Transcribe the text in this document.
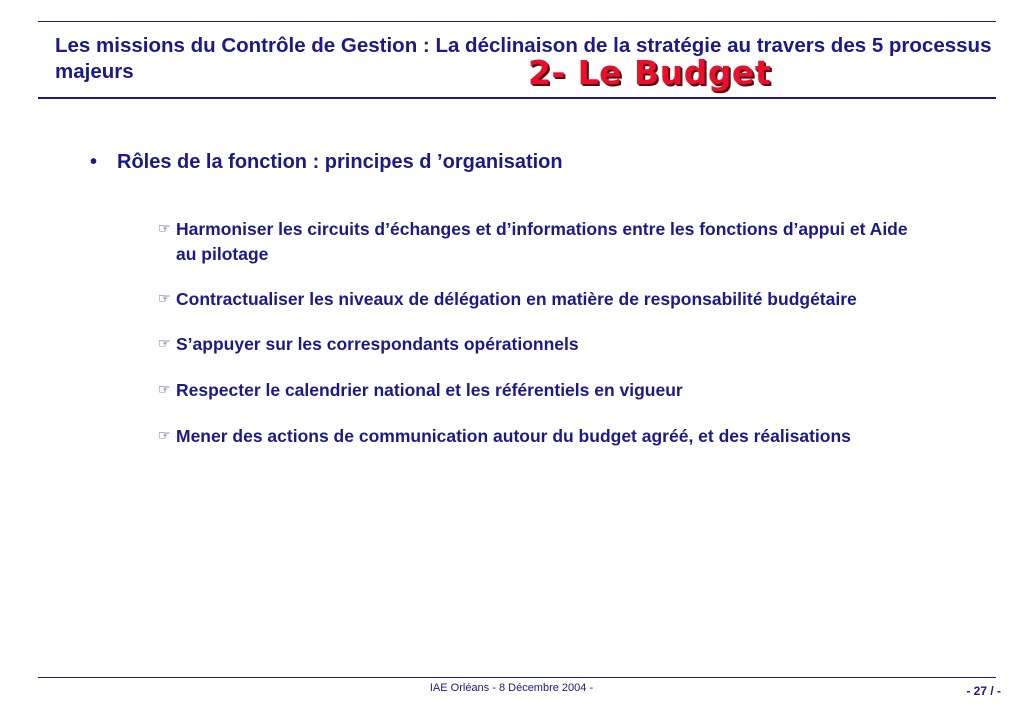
Les missions du Contrôle de Gestion : La déclinaison de la stratégie au travers des 5 processus majeurs	2- Le Budget
• Rôles de la fonction : principes d ’organisation
☞ Harmoniser les circuits d’échanges et d’informations entre les fonctions d’appui et Aide au pilotage
☞ Contractualiser les niveaux de délégation en matière de responsabilité budgétaire
☞ S’appuyer sur les correspondants opérationnels
☞ Respecter le calendrier national et les référentiels en vigueur
☞ Mener des actions de communication autour du budget agréé, et des réalisations
IAE Orléans - 8 Décembre 2004 -	- 27 / -
